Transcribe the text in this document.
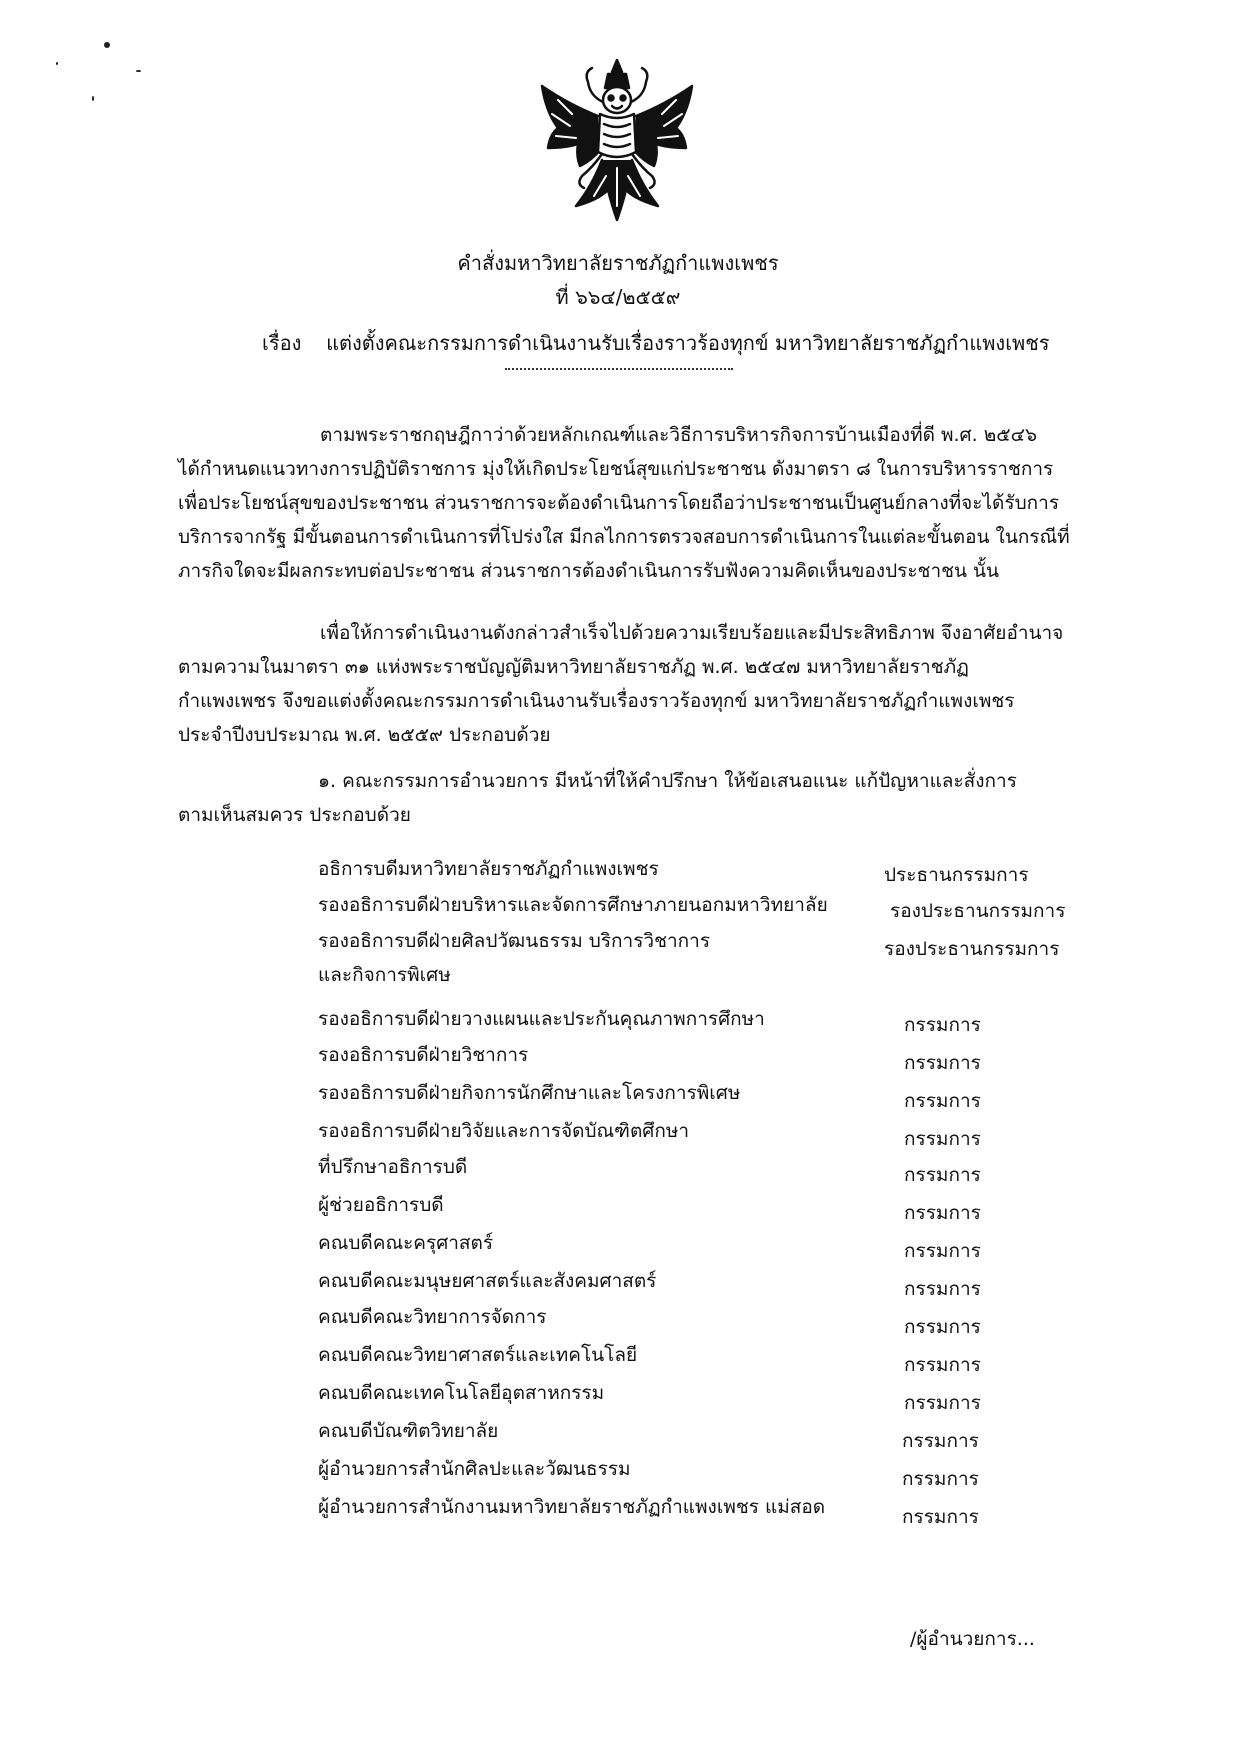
คำสั่งมหาวิทยาลัยราชภัฏกำแพงเพชร
ที่ ๖๖๔/๒๕๕๙
เรื่อง แต่งตั้งคณะกรรมการดำเนินงานรับเรื่องราวร้องทุกข์ มหาวิทยาลัยราชภัฏกำแพงเพชร
ตามพระราชกฤษฎีกาว่าด้วยหลักเกณฑ์และวิธีการบริหารกิจการบ้านเมืองที่ดี พ.ศ. ๒๕๔๖
ได้กำหนดแนวทางการปฏิบัติราชการ มุ่งให้เกิดประโยชน์สุขแก่ประชาชน ดังมาตรา ๘ ในการบริหารราชการ
เพื่อประโยชน์สุขของประชาชน ส่วนราชการจะต้องดำเนินการโดยถือว่าประชาชนเป็นศูนย์กลางที่จะได้รับการ
บริการจากรัฐ มีขั้นตอนการดำเนินการที่โปร่งใส มีกลไกการตรวจสอบการดำเนินการในแต่ละขั้นตอน ในกรณีที่
ภารกิจใดจะมีผลกระทบต่อประชาชน ส่วนราชการต้องดำเนินการรับฟังความคิดเห็นของประชาชน นั้น
เพื่อให้การดำเนินงานดังกล่าวสำเร็จไปด้วยความเรียบร้อยและมีประสิทธิภาพ จึงอาศัยอำนาจ
ตามความในมาตรา ๓๑ แห่งพระราชบัญญัติมหาวิทยาลัยราชภัฏ พ.ศ. ๒๕๔๗ มหาวิทยาลัยราชภัฏ
กำแพงเพชร จึงขอแต่งตั้งคณะกรรมการดำเนินงานรับเรื่องราวร้องทุกข์ มหาวิทยาลัยราชภัฏกำแพงเพชร
ประจำปีงบประมาณ พ.ศ. ๒๕๕๙ ประกอบด้วย
๑. คณะกรรมการอำนวยการ มีหน้าที่ให้คำปรึกษา ให้ข้อเสนอแนะ แก้ปัญหาและสั่งการ
ตามเห็นสมควร ประกอบด้วย
อธิการบดีมหาวิทยาลัยราชภัฏกำแพงเพชร	ประธานกรรมการ
รองอธิการบดีฝ่ายบริหารและจัดการศึกษาภายนอกมหาวิทยาลัย	รองประธานกรรมการ
รองอธิการบดีฝ่ายศิลปวัฒนธรรม บริการวิชาการ
และกิจการพิเศษ
รองประธานกรรมการ
รองอธิการบดีฝ่ายวางแผนและประกันคุณภาพการศึกษา	กรรมการ
รองอธิการบดีฝ่ายวิชาการ	กรรมการ
รองอธิการบดีฝ่ายกิจการนักศึกษาและโครงการพิเศษ	กรรมการ
รองอธิการบดีฝ่ายวิจัยและการจัดบัณฑิตศึกษา	กรรมการ
ที่ปรึกษาอธิการบดี	กรรมการ
ผู้ช่วยอธิการบดี	กรรมการ
คณบดีคณะครุศาสตร์	กรรมการ
คณบดีคณะมนุษยศาสตร์และสังคมศาสตร์	กรรมการ
คณบดีคณะวิทยาการจัดการ	กรรมการ
คณบดีคณะวิทยาศาสตร์และเทคโนโลยี	กรรมการ
คณบดีคณะเทคโนโลยีอุตสาหกรรม	กรรมการ
คณบดีบัณฑิตวิทยาลัย	กรรมการ
ผู้อำนวยการสำนักศิลปะและวัฒนธรรม	กรรมการ
ผู้อำนวยการสำนักงานมหาวิทยาลัยราชภัฏกำแพงเพชร แม่สอด	กรรมการ
/ผู้อำนวยการ...
